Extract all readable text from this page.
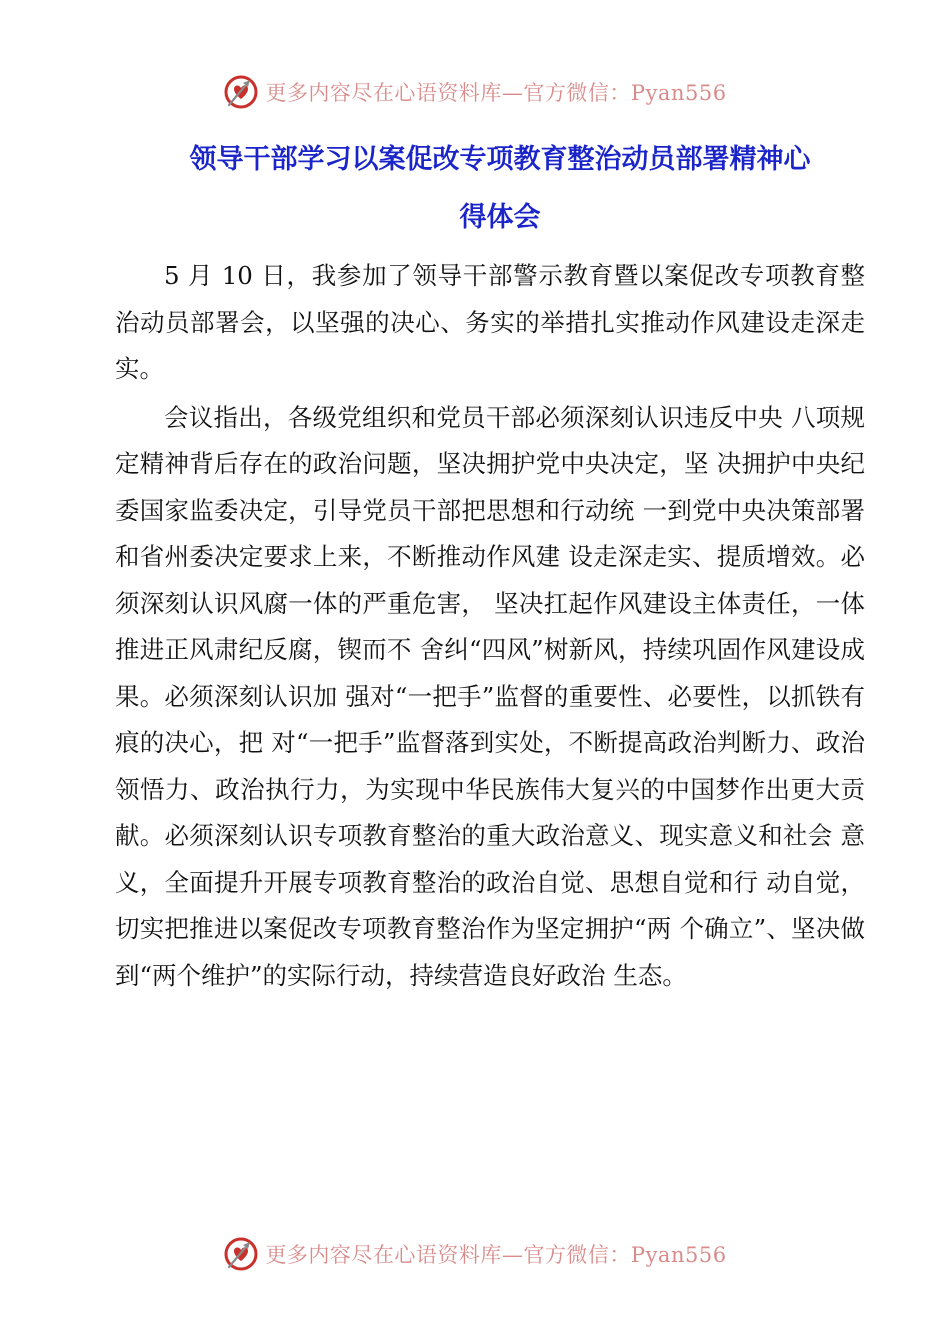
更多内容尽在心语资料库—官方微信：Pyan556
领导干部学习以案促改专项教育整治动员部署精神心
得体会

5 月 10 日，我参加了领导干部警示教育暨以案促改专项教育整治动员部署会，以坚强的决心、务实的举措扎实推动作风建设走深走实。

会议指出，各级党组织和党员干部必须深刻认识违反中央 八项规定精神背后存在的政治问题，坚决拥护党中央决定，坚 决拥护中央纪委国家监委决定，引导党员干部把思想和行动统 一到党中央决策部署和省州委决定要求上来，不断推动作风建 设走深走实、提质增效。必须深刻认识风腐一体的严重危害， 坚决扛起作风建设主体责任，一体推进正风肃纪反腐，锲而不 舍纠“四风”树新风，持续巩固作风建设成果。必须深刻认识加 强对“一把手”监督的重要性、必要性，以抓铁有痕的决心，把 对“一把手”监督落到实处，不断提高政治判断力、政治领悟力、政治执行力，为实现中华民族伟大复兴的中国梦作出更大贡献。必须深刻认识专项教育整治的重大政治意义、现实意义和社会 意义，全面提升开展专项教育整治的政治自觉、思想自觉和行 动自觉，切实把推进以案促改专项教育整治作为坚定拥护“两 个确立”、坚决做到“两个维护”的实际行动，持续营造良好政治 生态。

更多内容尽在心语资料库—官方微信：Pyan556
